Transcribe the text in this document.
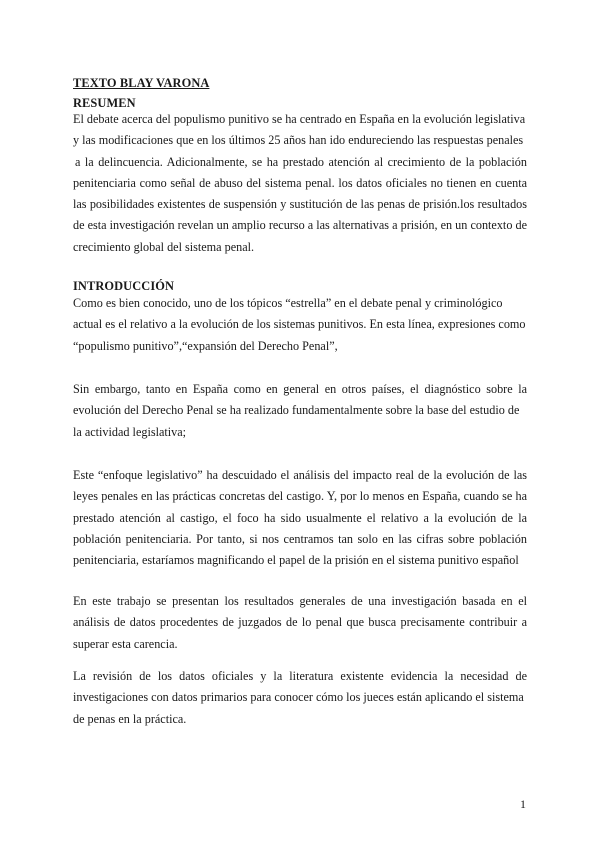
TEXTO BLAY VARONA
RESUMEN
El debate acerca del populismo punitivo se ha centrado en España en la evolución legislativa
y las modificaciones que en los últimos 25 años han ido endureciendo las respuestas penales
a la delincuencia. Adicionalmente, se ha prestado atención al crecimiento de la población
penitenciaria como señal de abuso del sistema penal. los datos oficiales no tienen en cuenta
las posibilidades existentes de suspensión y sustitución de las penas de prisión.los resultados
de esta investigación revelan un amplio recurso a las alternativas a prisión, en un contexto de
crecimiento global del sistema penal.
INTRODUCCIÓN
Como es bien conocido, uno de los tópicos “estrella” en el debate penal y criminológico
actual es el relativo a la evolución de los sistemas punitivos. En esta línea, expresiones como
“populismo punitivo”,“expansión del Derecho Penal”,
Sin embargo, tanto en España como en general en otros países, el diagnóstico sobre la
evolución del Derecho Penal se ha realizado fundamentalmente sobre la base del estudio de
la actividad legislativa;
Este “enfoque legislativo” ha descuidado el análisis del impacto real de la evolución de las
leyes penales en las prácticas concretas del castigo. Y, por lo menos en España, cuando se ha
prestado atención al castigo, el foco ha sido usualmente el relativo a la evolución de la
población penitenciaria. Por tanto, si nos centramos tan solo en las cifras sobre población
penitenciaria, estaríamos magnificando el papel de la prisión en el sistema punitivo español
En este trabajo se presentan los resultados generales de una investigación basada en el
análisis de datos procedentes de juzgados de lo penal que busca precisamente contribuir a
superar esta carencia.
La revisión de los datos oficiales y la literatura existente evidencia la necesidad de
investigaciones con datos primarios para conocer cómo los jueces están aplicando el sistema
de penas en la práctica.
1
